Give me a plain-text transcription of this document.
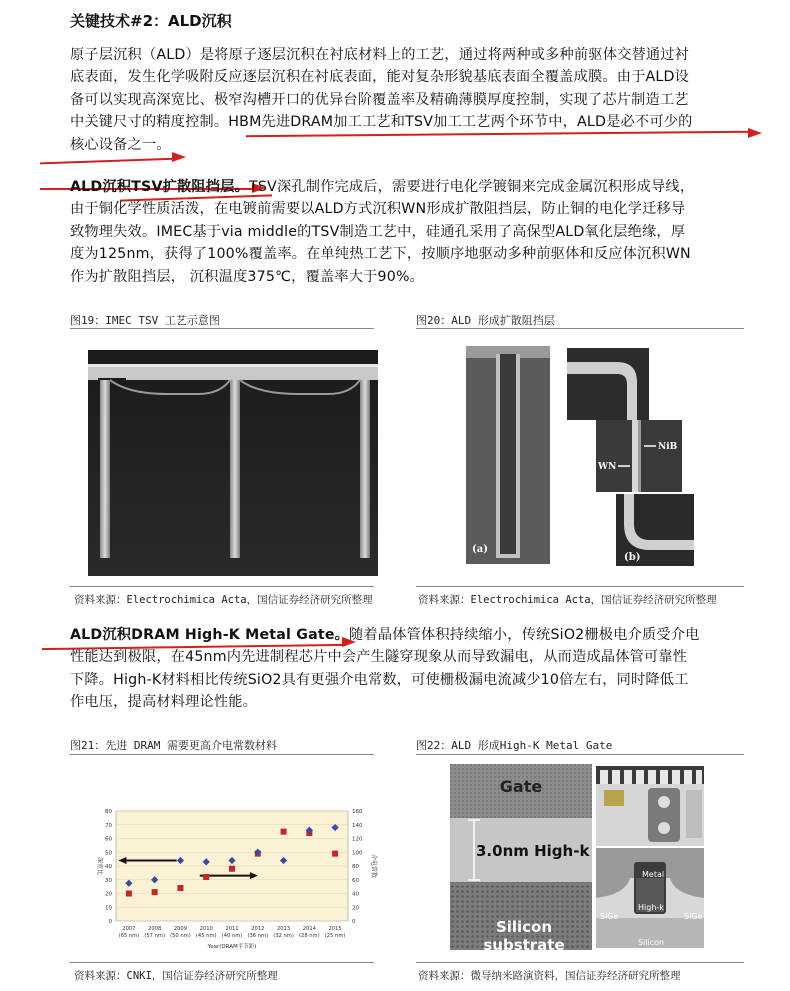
关键技术#2：ALD沉积
原子层沉积（ALD）是将原子逐层沉积在衬底材料上的工艺，通过将两种或多种前驱体交替通过衬
底表面，发生化学吸附反应逐层沉积在衬底表面，能对复杂形貌基底表面全覆盖成膜。由于ALD设
备可以实现高深宽比、极窄沟槽开口的优异台阶覆盖率及精确薄膜厚度控制，实现了芯片制造工艺
中关键尺寸的精度控制。HBM先进DRAM加工工艺和TSV加工工艺两个环节中，ALD是必不可少的
核心设备之一。
ALD沉积TSV扩散阻挡层。TSV深孔制作完成后，需要进行电化学镀铜来完成金属沉积形成导线，
由于铜化学性质活泼，在电镀前需要以ALD方式沉积WN形成扩散阻挡层，防止铜的电化学迁移导
致物理失效。IMEC基于via middle的TSV制造工艺中，硅通孔采用了高保型ALD氧化层绝缘，厚
度为125nm，获得了100%覆盖率。在单纯热工艺下，按顺序地驱动多种前驱体和反应体沉积WN
作为扩散阻挡层， 沉积温度375℃，覆盖率大于90%。
图19：IMEC TSV 工艺示意图	图20：ALD 形成扩散阻挡层
(a)
NiB
WN
(b)
资料来源：Electrochimica Acta，国信证券经济研究所整理	资料来源：Electrochimica Acta，国信证券经济研究所整理
ALD沉积DRAM High-K Metal Gate。随着晶体管体积持续缩小，传统SiO2栅极电介质受介电
性能达到极限，在45nm内先进制程芯片中会产生隧穿现象从而导致漏电，从而造成晶体管可靠性
下降。High-K材料相比传统SiO2具有更强介电常数，可使栅极漏电流减少10倍左右，同时降低工
作电压，提高材料理论性能。
图21：先进 DRAM 需要更高介电常数材料	图22：ALD 形成High-K Metal Gate
0
10
20
30
40
50
60
70
80
0
20
40
60
80
100
120
140
160
深宽比	介电常数
2007
(65 nm)
2008
(57 nm)
2009
(50 nm)
2010
(45 nm)
2011
(40 nm)
2012
(36 nm)
2013
(32 nm)
2014
(28 nm)
2015
(25 nm)
Year(DRAM半节距)
Gate
3.0nm High-k
Silicon substrate
Metal
High-k
SiGe	SiGe
Silicon
资料来源：CNKI，国信证券经济研究所整理	资料来源：微导纳米路演资料，国信证券经济研究所整理
